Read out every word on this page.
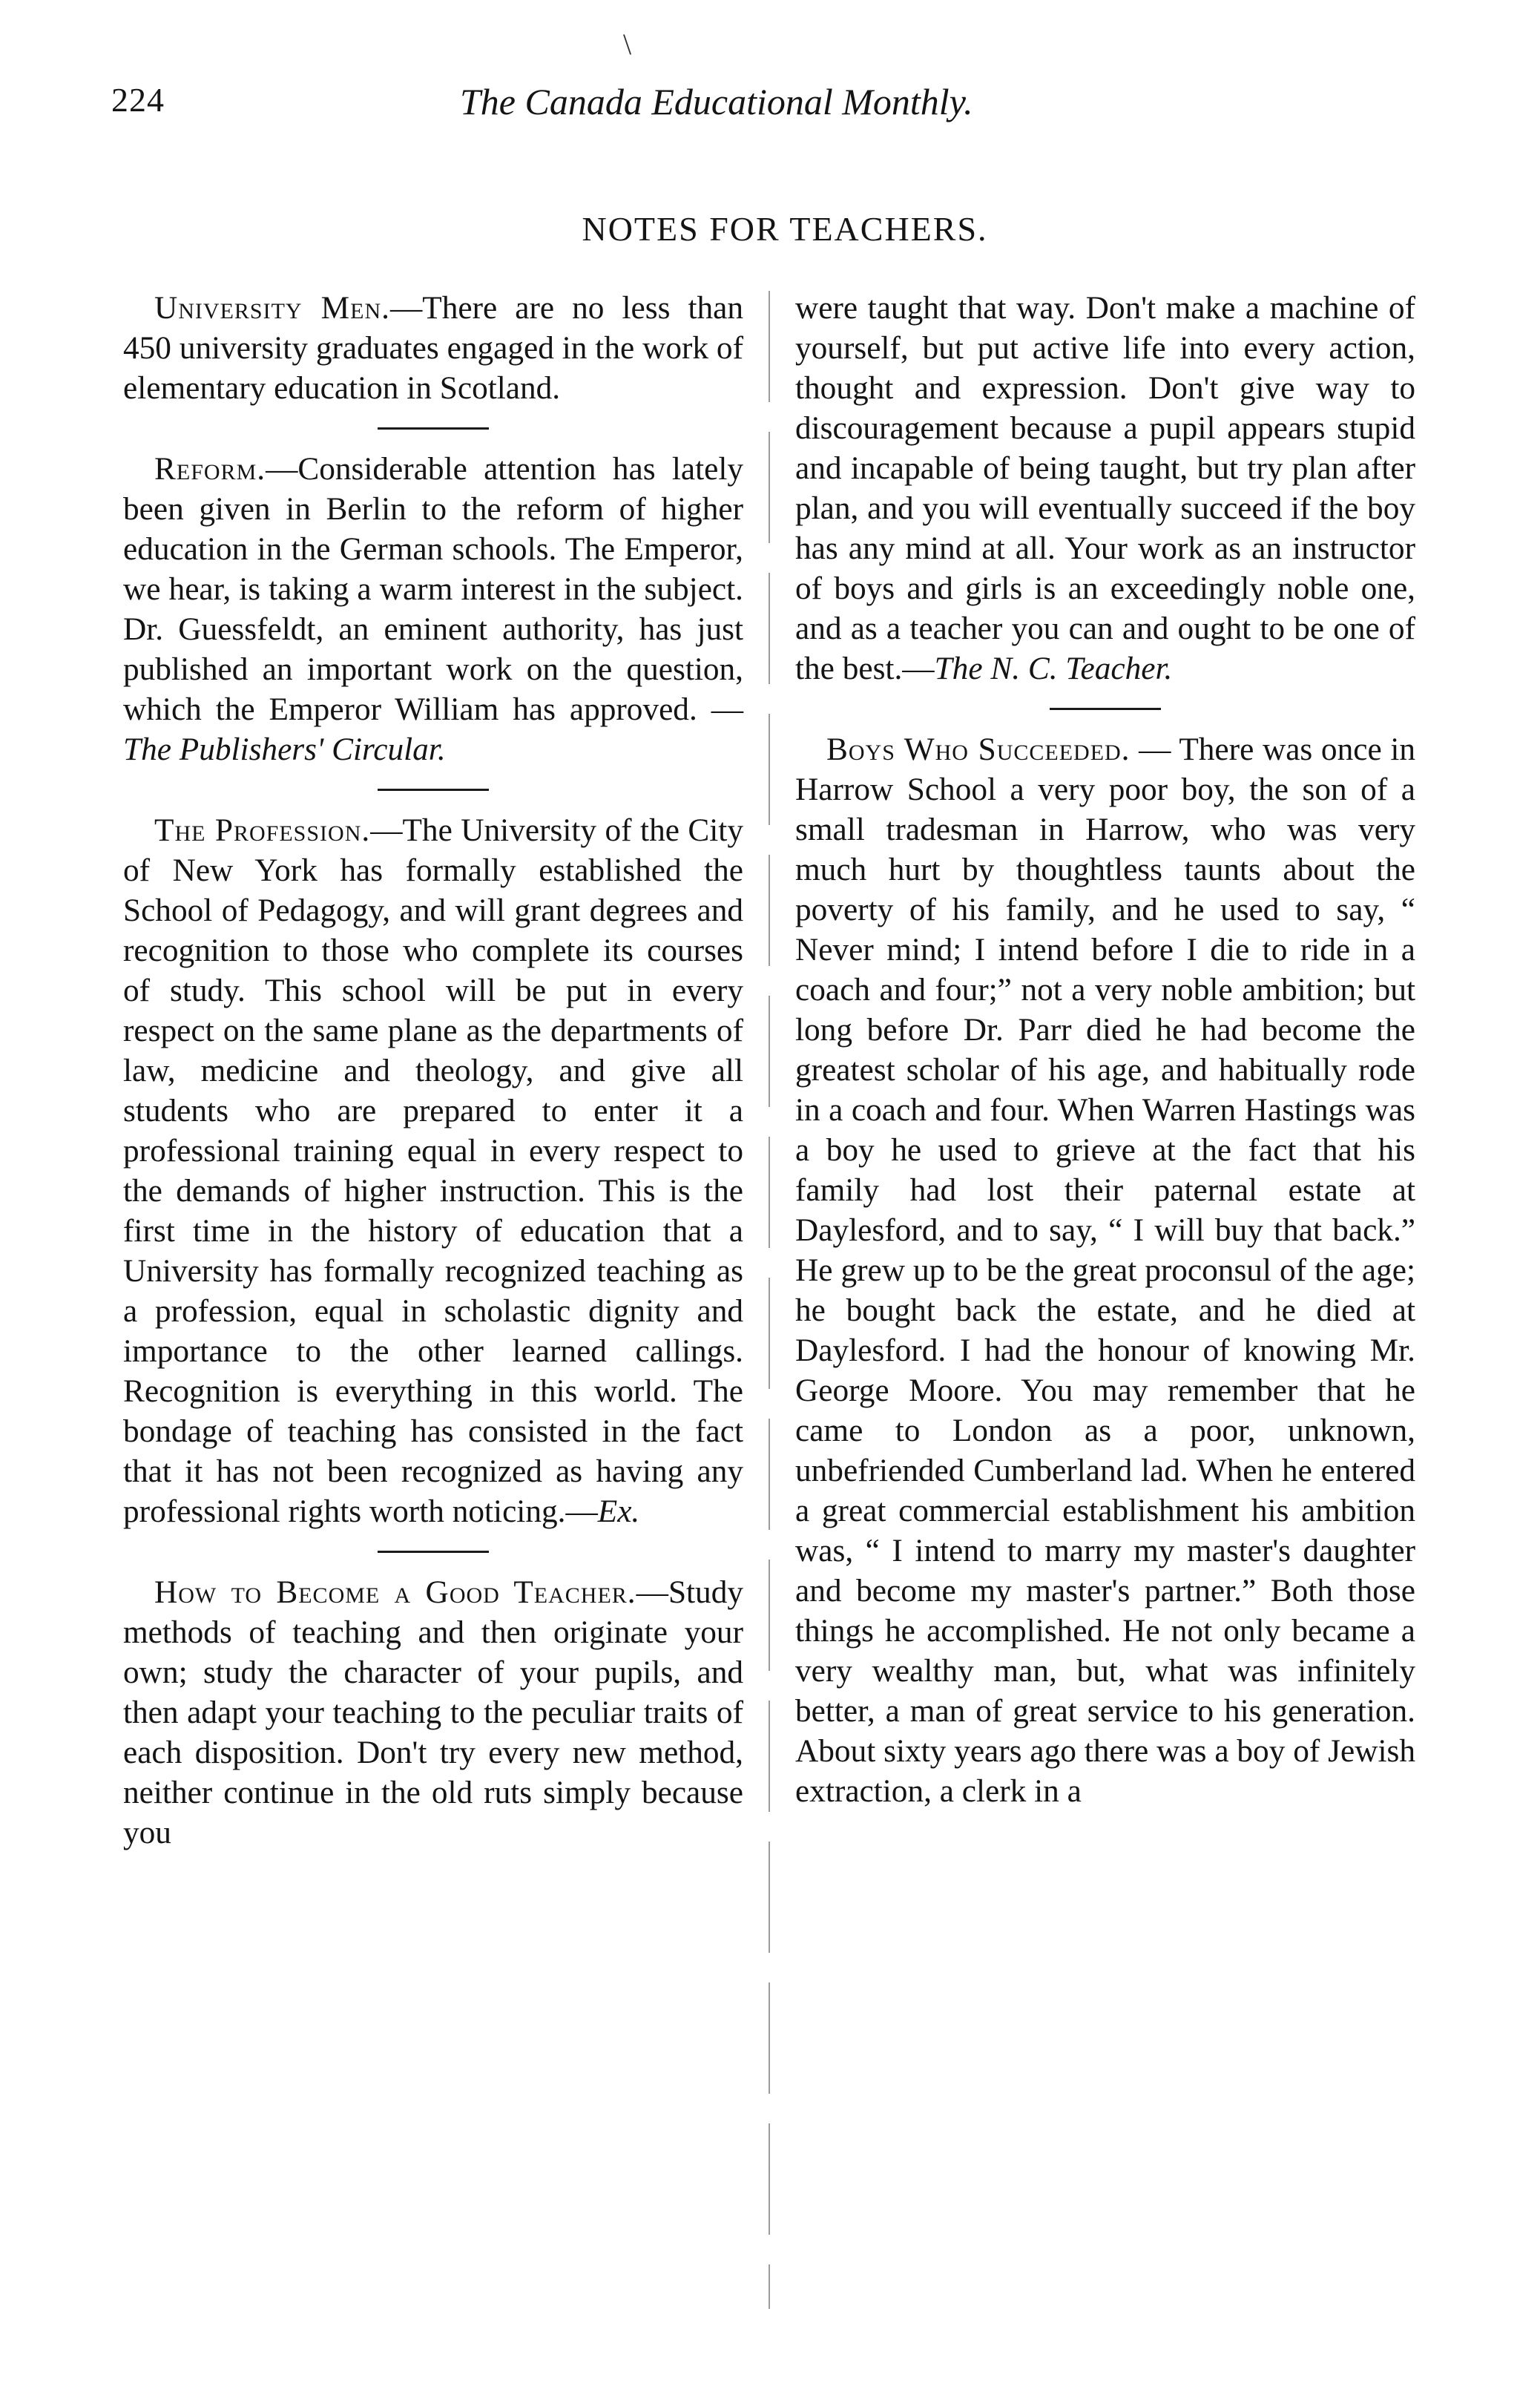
\
224	The Canada Educational Monthly.
NOTES FOR TEACHERS.

University Men.—There are no less than 450 university graduates engaged in the work of elementary education in Scotland.

Reform.—Considerable attention has lately been given in Berlin to the reform of higher education in the German schools. The Emperor, we hear, is taking a warm interest in the subject. Dr. Guessfeldt, an eminent authority, has just published an important work on the question, which the Emperor William has approved. —The Publishers' Circular.

The Profession.—The University of the City of New York has formally established the School of Pedagogy, and will grant degrees and recognition to those who complete its courses of study. This school will be put in every respect on the same plane as the departments of law, medicine and theology, and give all students who are prepared to enter it a professional training equal in every respect to the demands of higher instruction. This is the first time in the history of education that a University has formally recognized teaching as a profession, equal in scholastic dignity and importance to the other learned callings. Recognition is everything in this world. The bondage of teaching has consisted in the fact that it has not been recognized as having any professional rights worth noticing.—Ex.

How to Become a Good Teacher.—Study methods of teaching and then originate your own; study the character of your pupils, and then adapt your teaching to the peculiar traits of each disposition. Don't try every new method, neither continue in the old ruts simply because you

were taught that way. Don't make a machine of yourself, but put active life into every action, thought and expression. Don't give way to discouragement because a pupil appears stupid and incapable of being taught, but try plan after plan, and you will eventually succeed if the boy has any mind at all. Your work as an instructor of boys and girls is an exceedingly noble one, and as a teacher you can and ought to be one of the best.—The N. C. Teacher.

Boys Who Succeeded. — There was once in Harrow School a very poor boy, the son of a small tradesman in Harrow, who was very much hurt by thoughtless taunts about the poverty of his family, and he used to say, “ Never mind; I intend before I die to ride in a coach and four;” not a very noble ambition; but long before Dr. Parr died he had become the greatest scholar of his age, and habitually rode in a coach and four. When Warren Hastings was a boy he used to grieve at the fact that his family had lost their paternal estate at Daylesford, and to say, “ I will buy that back.” He grew up to be the great proconsul of the age; he bought back the estate, and he died at Daylesford. I had the honour of knowing Mr. George Moore. You may remember that he came to London as a poor, unknown, unbefriended Cumberland lad. When he entered a great commercial establishment his ambition was, “ I intend to marry my master's daughter and become my master's partner.” Both those things he accomplished. He not only became a very wealthy man, but, what was infinitely better, a man of great service to his generation. About sixty years ago there was a boy of Jewish extraction, a clerk in a
